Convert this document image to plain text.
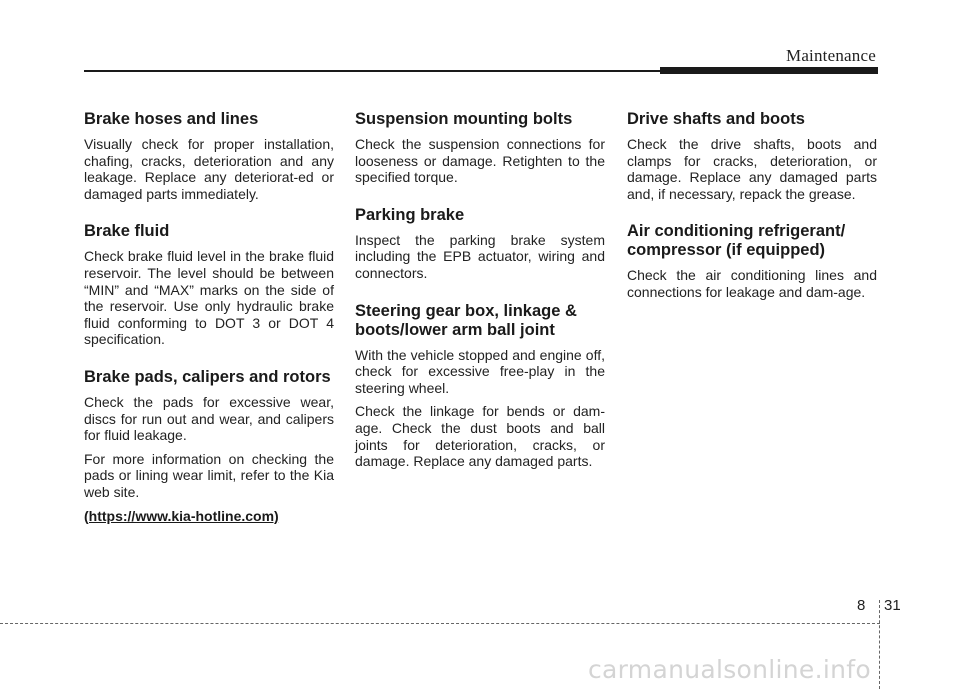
Maintenance
Brake hoses and lines

Visually check for proper installation, chafing, cracks, deterioration and any leakage. Replace any deteriorat-ed or damaged parts immediately.

Brake fluid

Check brake fluid level in the brake fluid reservoir. The level should be between “MIN” and “MAX” marks on the side of the reservoir. Use only hydraulic brake fluid conforming to DOT 3 or DOT 4 specification.

Brake pads, calipers and rotors

Check the pads for excessive wear, discs for run out and wear, and calipers for fluid leakage.

For more information on checking the pads or lining wear limit, refer to the Kia web site.

(https://www.kia-hotline.com)
Suspension mounting bolts

Check the suspension connections for looseness or damage. Retighten to the specified torque.

Parking brake

Inspect the parking brake system including the EPB actuator, wiring and connectors.

Steering gear box, linkage & boots/lower arm ball joint

With the vehicle stopped and engine off, check for excessive free-play in the steering wheel.

Check the linkage for bends or dam-age. Check the dust boots and ball joints for deterioration, cracks, or damage. Replace any damaged parts.

Drive shafts and boots

Check the drive shafts, boots and clamps for cracks, deterioration, or damage. Replace any damaged parts and, if necessary, repack the grease.

Air conditioning refrigerant/ compressor (if equipped)

Check the air conditioning lines and connections for leakage and dam-age.

8 31
carmanualsonline.info
